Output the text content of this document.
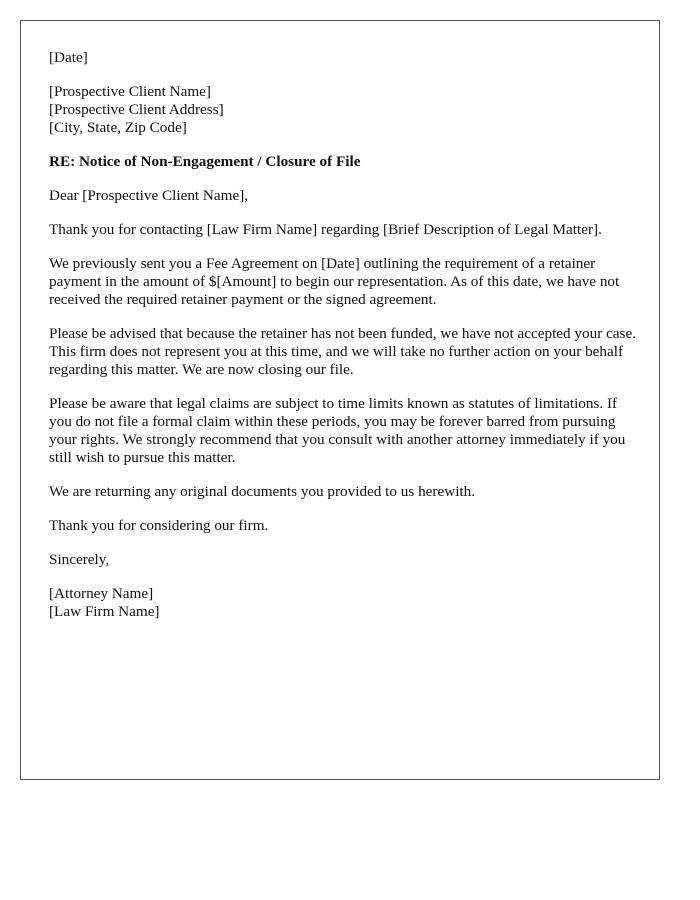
[Date]
[Prospective Client Name]
[Prospective Client Address]
[City, State, Zip Code]
RE: Notice of Non-Engagement / Closure of File
Dear [Prospective Client Name],

Thank you for contacting [Law Firm Name] regarding [Brief Description of Legal Matter].

We previously sent you a Fee Agreement on [Date] outlining the requirement of a retainer payment in the amount of $[Amount] to begin our representation. As of this date, we have not received the required retainer payment or the signed agreement.

Please be advised that because the retainer has not been funded, we have not accepted your case. This firm does not represent you at this time, and we will take no further action on your behalf regarding this matter. We are now closing our file.

Please be aware that legal claims are subject to time limits known as statutes of limitations. If you do not file a formal claim within these periods, you may be forever barred from pursuing your rights. We strongly recommend that you consult with another attorney immediately if you still wish to pursue this matter.

We are returning any original documents you provided to us herewith.

Thank you for considering our firm.

Sincerely,
[Attorney Name]
[Law Firm Name]
